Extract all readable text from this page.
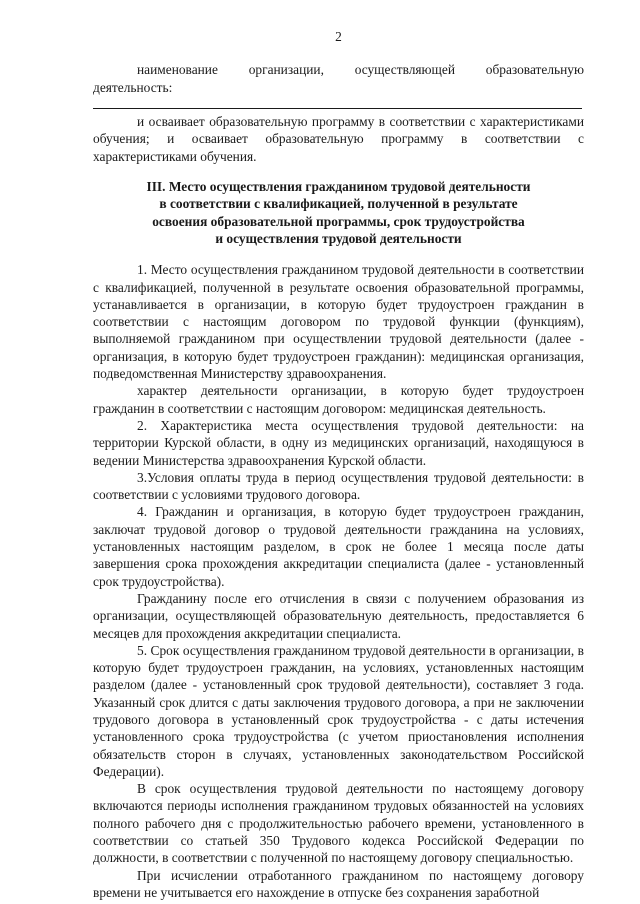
2

наименование организации, осуществляющей образовательную деятельность:

и осваивает образовательную программу в соответствии с характеристиками обучения; и осваивает образовательную программу в соответствии с характеристиками обучения.

III. Место осуществления гражданином трудовой деятельности
в соответствии с квалификацией, полученной в результате
освоения образовательной программы, срок трудоустройства
и осуществления трудовой деятельности

1. Место осуществления гражданином трудовой деятельности в соответствии с квалификацией, полученной в результате освоения образовательной программы, устанавливается в организации, в которую будет трудоустроен гражданин в соответствии с настоящим договором по трудовой функции (функциям), выполняемой гражданином при осуществлении трудовой деятельности (далее - организация, в которую будет трудоустроен гражданин): медицинская организация, подведомственная Министерству здравоохранения.

характер деятельности организации, в которую будет трудоустроен гражданин в соответствии с настоящим договором: медицинская деятельность.

2. Характеристика места осуществления трудовой деятельности: на территории Курской области, в одну из медицинских организаций, находящуюся в ведении Министерства здравоохранения Курской области.

3.Условия оплаты труда в период осуществления трудовой деятельности: в соответствии с условиями трудового договора.

4. Гражданин и организация, в которую будет трудоустроен гражданин, заключат трудовой договор о трудовой деятельности гражданина на условиях, установленных настоящим разделом, в срок не более 1 месяца после даты завершения срока прохождения аккредитации специалиста (далее - установленный срок трудоустройства).

Гражданину после его отчисления в связи с получением образования из организации, осуществляющей образовательную деятельность, предоставляется 6 месяцев для прохождения аккредитации специалиста.

5. Срок осуществления гражданином трудовой деятельности в организации, в которую будет трудоустроен гражданин, на условиях, установленных настоящим разделом (далее - установленный срок трудовой деятельности), составляет 3 года. Указанный срок длится с даты заключения трудового договора, а при не заключении трудового договора в установленный срок трудоустройства - с даты истечения установленного срока трудоустройства (с учетом приостановления исполнения обязательств сторон в случаях, установленных законодательством Российской Федерации).

В срок осуществления трудовой деятельности по настоящему договору включаются периоды исполнения гражданином трудовых обязанностей на условиях полного рабочего дня с продолжительностью рабочего времени, установленного в соответствии со статьей 350 Трудового кодекса Российской Федерации по должности, в соответствии с полученной по настоящему договору специальностью.

При исчислении отработанного гражданином по настоящему договору времени не учитывается его нахождение в отпуске без сохранения заработной
